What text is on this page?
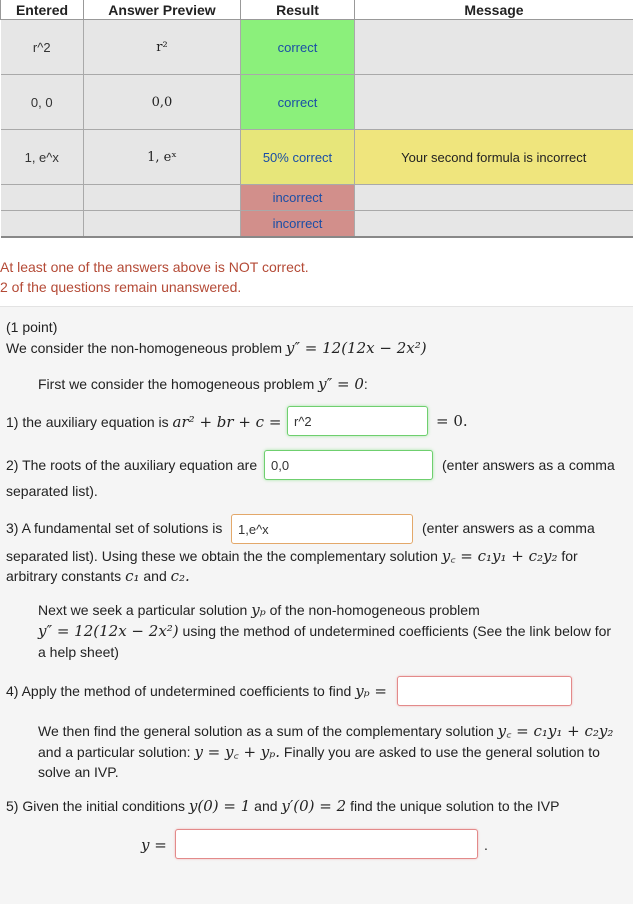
Entered	Answer Preview	Result	Message
r^2	r²	correct	
0, 0	0,0	correct	
1, e^x	1, eˣ	50% correct	Your second formula is incorrect
		incorrect	
		incorrect	
At least one of the answers above is NOT correct.
2 of the questions remain unanswered.
(1 point)
We consider the non-homogeneous problem y″ = 12(12x − 2x²)
First we consider the homogeneous problem y″ = 0:
1) the auxiliary equation is ar² + br + c = r^2	= 0.
2) The roots of the auxiliary equation are	0,0	(enter answers as a comma
separated list).
3) A fundamental set of solutions is	1,e^x	(enter answers as a comma
separated list). Using these we obtain the the complementary solution y꜀ = c₁y₁ + c₂y₂ for
arbitrary constants c₁ and c₂.
Next we seek a particular solution yₚ of the non-homogeneous problem
y″ = 12(12x − 2x²) using the method of undetermined coefficients (See the link below for
a help sheet)
4) Apply the method of undetermined coefficients to find yₚ =
We then find the general solution as a sum of the complementary solution y꜀ = c₁y₁ + c₂y₂
and a particular solution: y = y꜀ + yₚ. Finally you are asked to use the general solution to
solve an IVP.
5) Given the initial conditions y(0) = 1 and y′(0) = 2 find the unique solution to the IVP
y =	.
